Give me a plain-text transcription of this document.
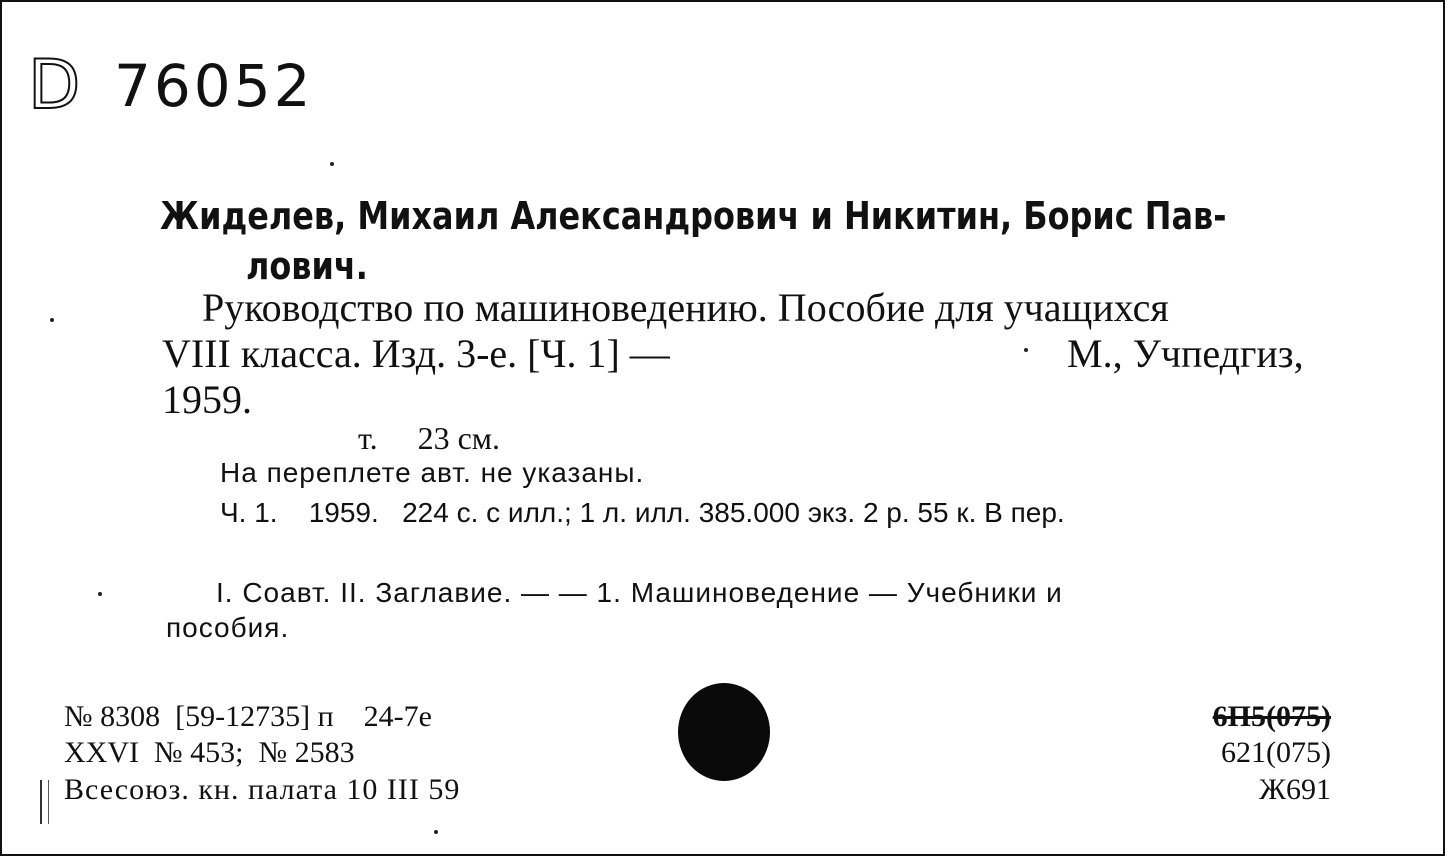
D 76052
Жиделев, Михаил Александрович и Никитин, Борис Пав-
лович.
Руководство по машиноведению. Пособие для учащихся
VIII класса. Изд. 3-е. [Ч. 1] —	М., Учпедгиз,
1959.
т.     23 см.
На переплете авт. не указаны.
Ч. 1.    1959.   224 с. с илл.; 1 л. илл. 385.000 экз. 2 р. 55 к. В пер.
I. Соавт. II. Заглавие. — — 1. Машиноведение — Учебники и
пособия.
№ 8308  [59-12735] п    24-7е
XXVI  № 453;  № 2583
Всесоюз. кн. палата 10 III 59
6П5(075)
621(075)
Ж691
